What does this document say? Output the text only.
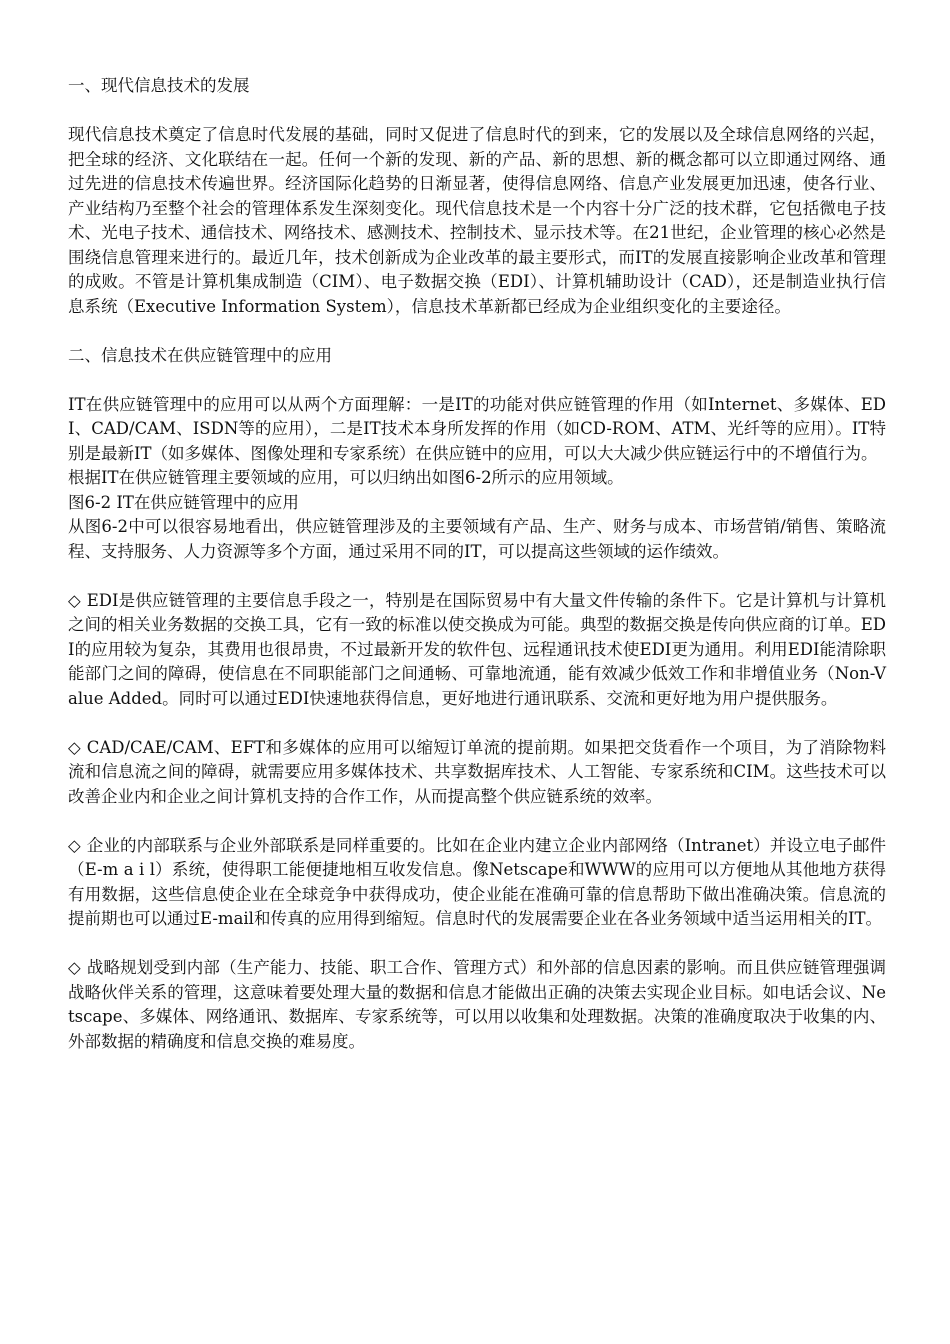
一、现代信息技术的发展

现代信息技术奠定了信息时代发展的基础，同时又促进了信息时代的到来，它的发展以及全球信息网络的兴起，把全球的经济、文化联结在一起。任何一个新的发现、新的产品、新的思想、新的概念都可以立即通过网络、通过先进的信息技术传遍世界。经济国际化趋势的日渐显著，使得信息网络、信息产业发展更加迅速，使各行业、产业结构乃至整个社会的管理体系发生深刻变化。现代信息技术是一个内容十分广泛的技术群，它包括微电子技术、光电子技术、通信技术、网络技术、感测技术、控制技术、显示技术等。在21世纪，企业管理的核心必然是围绕信息管理来进行的。最近几年，技术创新成为企业改革的最主要形式，而IT的发展直接影响企业改革和管理的成败。不管是计算机集成制造（CIM）、电子数据交换（EDI）、计算机辅助设计（CAD），还是制造业执行信息系统（Executive Information System），信息技术革新都已经成为企业组织变化的主要途径。

二、信息技术在供应链管理中的应用

IT在供应链管理中的应用可以从两个方面理解：一是IT的功能对供应链管理的作用（如Internet、多媒体、EDI、CAD/CAM、ISDN等的应用），二是IT技术本身所发挥的作用（如CD-ROM、ATM、光纤等的应用）。IT特别是最新IT（如多媒体、图像处理和专家系统）在供应链中的应用，可以大大减少供应链运行中的不增值行为。

根据IT在供应链管理主要领域的应用，可以归纳出如图6-2所示的应用领域。

图6-2 IT在供应链管理中的应用

从图6-2中可以很容易地看出，供应链管理涉及的主要领域有产品、生产、财务与成本、市场营销/销售、策略流程、支持服务、人力资源等多个方面，通过采用不同的IT，可以提高这些领域的运作绩效。

◇ EDI是供应链管理的主要信息手段之一，特别是在国际贸易中有大量文件传输的条件下。它是计算机与计算机之间的相关业务数据的交换工具，它有一致的标准以使交换成为可能。典型的数据交换是传向供应商的订单。EDI的应用较为复杂，其费用也很昂贵，不过最新开发的软件包、远程通讯技术使EDI更为通用。利用EDI能清除职能部门之间的障碍，使信息在不同职能部门之间通畅、可靠地流通，能有效减少低效工作和非增值业务（Non-Value Added。同时可以通过EDI快速地获得信息，更好地进行通讯联系、交流和更好地为用户提供服务。

◇ CAD/CAE/CAM、EFT和多媒体的应用可以缩短订单流的提前期。如果把交货看作一个项目，为了消除物料流和信息流之间的障碍，就需要应用多媒体技术、共享数据库技术、人工智能、专家系统和CIM。这些技术可以改善企业内和企业之间计算机支持的合作工作，从而提高整个供应链系统的效率。

◇ 企业的内部联系与企业外部联系是同样重要的。比如在企业内建立企业内部网络（Intranet）并设立电子邮件（E-m a i l）系统，使得职工能便捷地相互收发信息。像Netscape和WWW的应用可以方便地从其他地方获得有用数据，这些信息使企业在全球竞争中获得成功，使企业能在准确可靠的信息帮助下做出准确决策。信息流的提前期也可以通过E-mail和传真的应用得到缩短。信息时代的发展需要企业在各业务领域中适当运用相关的IT。

◇ 战略规划受到内部（生产能力、技能、职工合作、管理方式）和外部的信息因素的影响。而且供应链管理强调战略伙伴关系的管理，这意味着要处理大量的数据和信息才能做出正确的决策去实现企业目标。如电话会议、Netscape、多媒体、网络通讯、数据库、专家系统等，可以用以收集和处理数据。决策的准确度取决于收集的内、外部数据的精确度和信息交换的难易度。
